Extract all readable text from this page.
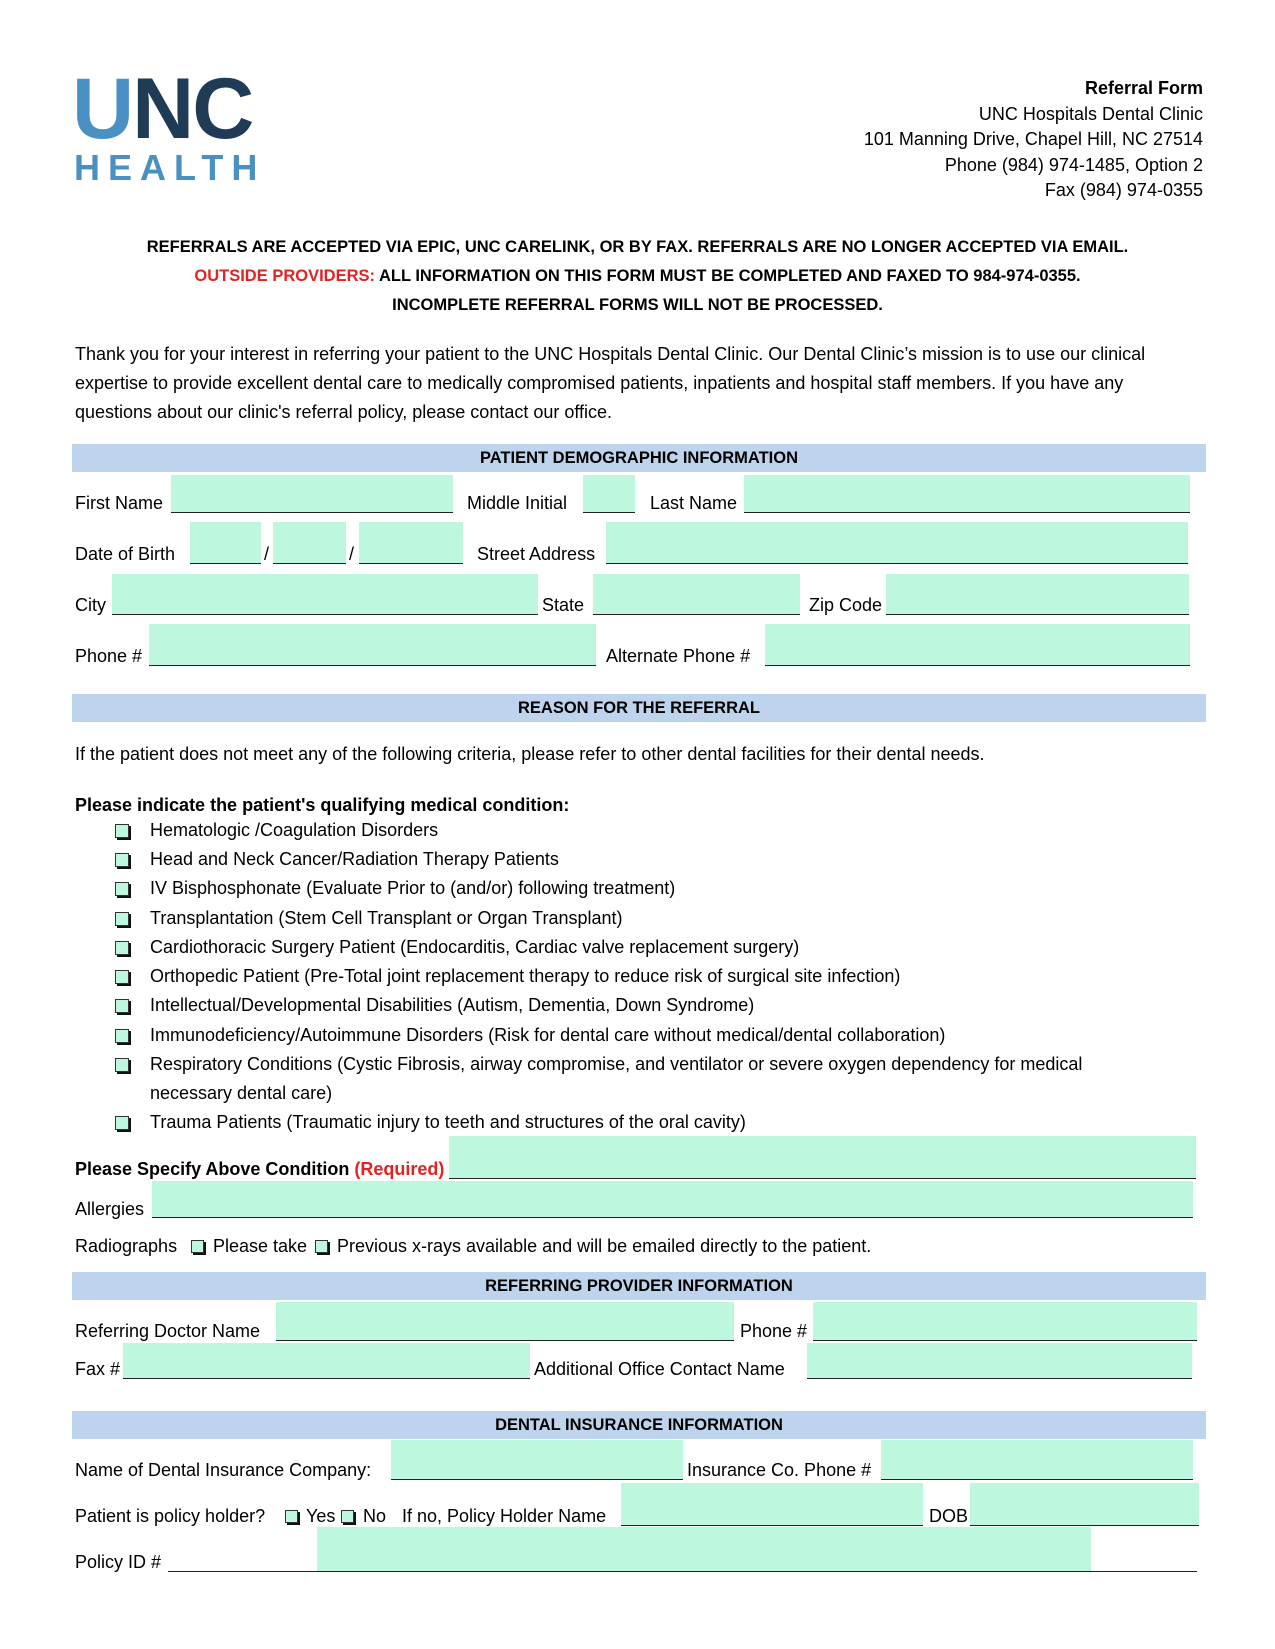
UNC
HEALTH
Referral Form
UNC Hospitals Dental Clinic
101 Manning Drive, Chapel Hill, NC 27514
Phone (984) 974-1485, Option 2
Fax (984) 974-0355
REFERRALS ARE ACCEPTED VIA EPIC, UNC CARELINK, OR BY FAX. REFERRALS ARE NO LONGER ACCEPTED VIA EMAIL.
OUTSIDE PROVIDERS: ALL INFORMATION ON THIS FORM MUST BE COMPLETED AND FAXED TO 984-974-0355.
INCOMPLETE REFERRAL FORMS WILL NOT BE PROCESSED.
Thank you for your interest in referring your patient to the UNC Hospitals Dental Clinic. Our Dental Clinic’s mission is to use our clinical expertise to provide excellent dental care to medically compromised patients, inpatients and hospital staff members. If you have any questions about our clinic's referral policy, please contact our office.
PATIENT DEMOGRAPHIC INFORMATION
First Name	Middle Initial	Last Name
Date of Birth	/	/	Street Address
City	State	Zip Code
Phone #	Alternate Phone #
REASON FOR THE REFERRAL
If the patient does not meet any of the following criteria, please refer to other dental facilities for their dental needs.
Please indicate the patient's qualifying medical condition:
Hematologic /Coagulation Disorders
Head and Neck Cancer/Radiation Therapy Patients
IV Bisphosphonate (Evaluate Prior to (and/or) following treatment)
Transplantation (Stem Cell Transplant or Organ Transplant)
Cardiothoracic Surgery Patient (Endocarditis, Cardiac valve replacement surgery)
Orthopedic Patient (Pre-Total joint replacement therapy to reduce risk of surgical site infection)
Intellectual/Developmental Disabilities (Autism, Dementia, Down Syndrome)
Immunodeficiency/Autoimmune Disorders (Risk for dental care without medical/dental collaboration)
Respiratory Conditions (Cystic Fibrosis, airway compromise, and ventilator or severe oxygen dependency for medical
necessary dental care)
Trauma Patients (Traumatic injury to teeth and structures of the oral cavity)
Please Specify Above Condition (Required)
Allergies
Radiographs Please take Previous x-rays available and will be emailed directly to the patient.
REFERRING PROVIDER INFORMATION
Referring Doctor Name	Phone #
Fax #	Additional Office Contact Name
DENTAL INSURANCE INFORMATION
Name of Dental Insurance Company:	Insurance Co. Phone #
Patient is policy holder? Yes No If no, Policy Holder Name	DOB
Policy ID #
